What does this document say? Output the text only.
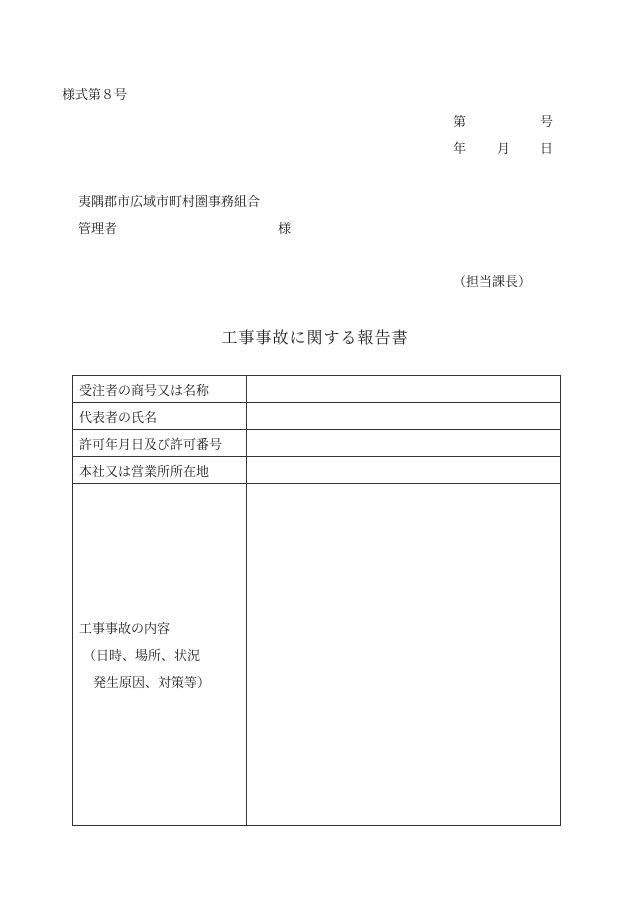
様式第８号
第	号
年 月 日
夷隅郡市広域市町村圏事務組合
管理者	様
（担当課長）
工事事故に関する報告書
受注者の商号又は名称	
代表者の氏名	
許可年月日及び許可番号	
本社又は営業所所在地	
工事事故の内容
（日時、場所、状況
発生原因、対策等）	
